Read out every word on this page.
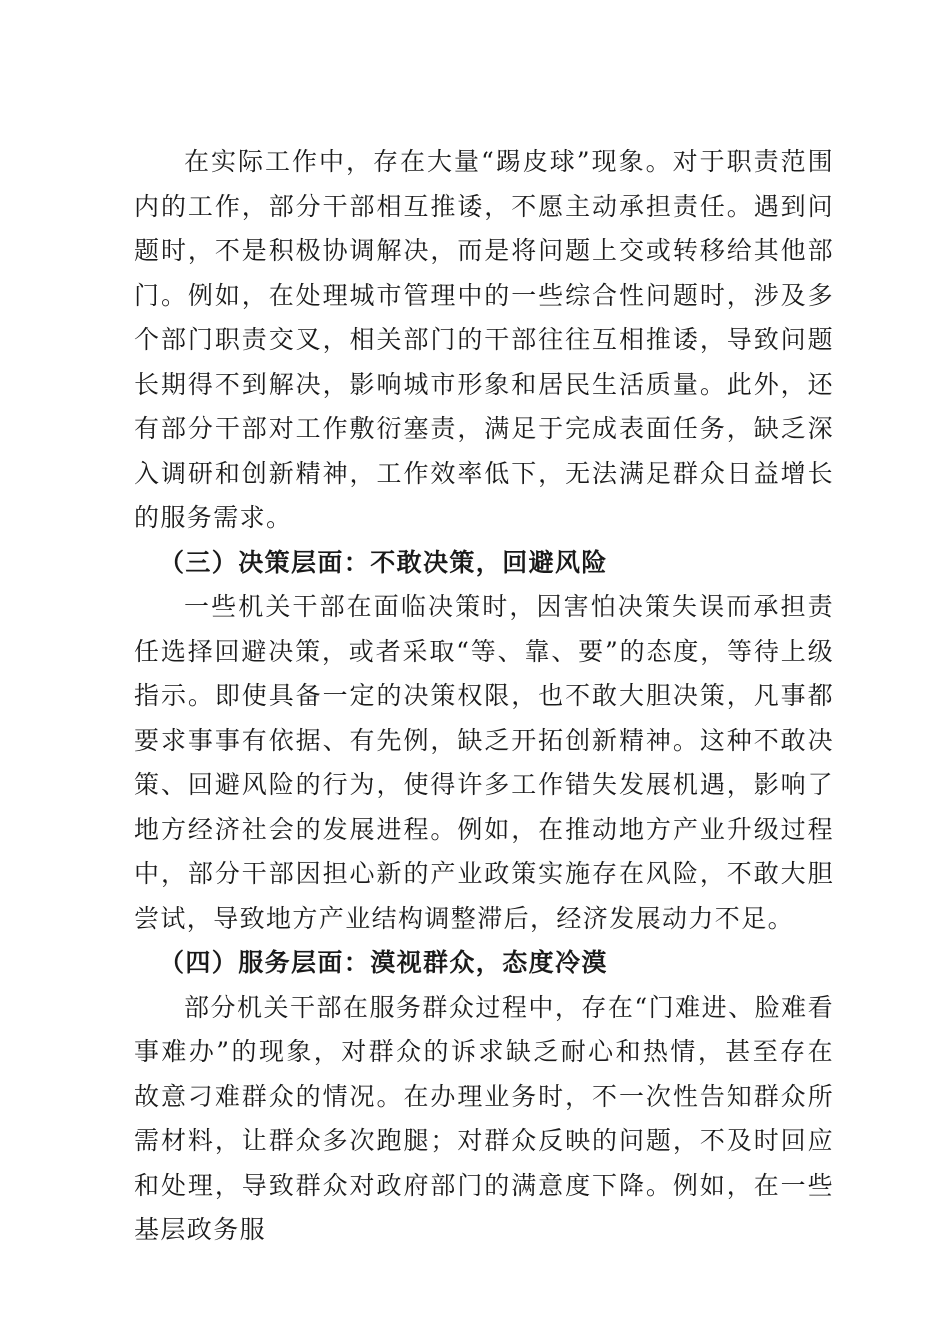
在实际工作中，存在大量“踢皮球”现象。对于职责范围内的工作，部分干部相互推诿，不愿主动承担责任。遇到问题时，不是积极协调解决，而是将问题上交或转移给其他部门。例如，在处理城市管理中的一些综合性问题时，涉及多个部门职责交叉，相关部门的干部往往互相推诿，导致问题长期得不到解决，影响城市形象和居民生活质量。此外，还有部分干部对工作敷衍塞责，满足于完成表面任务，缺乏深入调研和创新精神，工作效率低下，无法满足群众日益增长的服务需求。

（三）决策层面：不敢决策，回避风险

一些机关干部在面临决策时，因害怕决策失误而承担责任选择回避决策，或者采取“等、靠、要”的态度，等待上级指示。即使具备一定的决策权限，也不敢大胆决策，凡事都要求事事有依据、有先例，缺乏开拓创新精神。这种不敢决策、回避风险的行为，使得许多工作错失发展机遇，影响了地方经济社会的发展进程。例如，在推动地方产业升级过程中，部分干部因担心新的产业政策实施存在风险，不敢大胆尝试，导致地方产业结构调整滞后，经济发展动力不足。

（四）服务层面：漠视群众，态度冷漠

部分机关干部在服务群众过程中，存在“门难进、脸难看事难办”的现象，对群众的诉求缺乏耐心和热情，甚至存在故意刁难群众的情况。在办理业务时，不一次性告知群众所需材料，让群众多次跑腿；对群众反映的问题，不及时回应和处理，导致群众对政府部门的满意度下降。例如，在一些基层政务服
